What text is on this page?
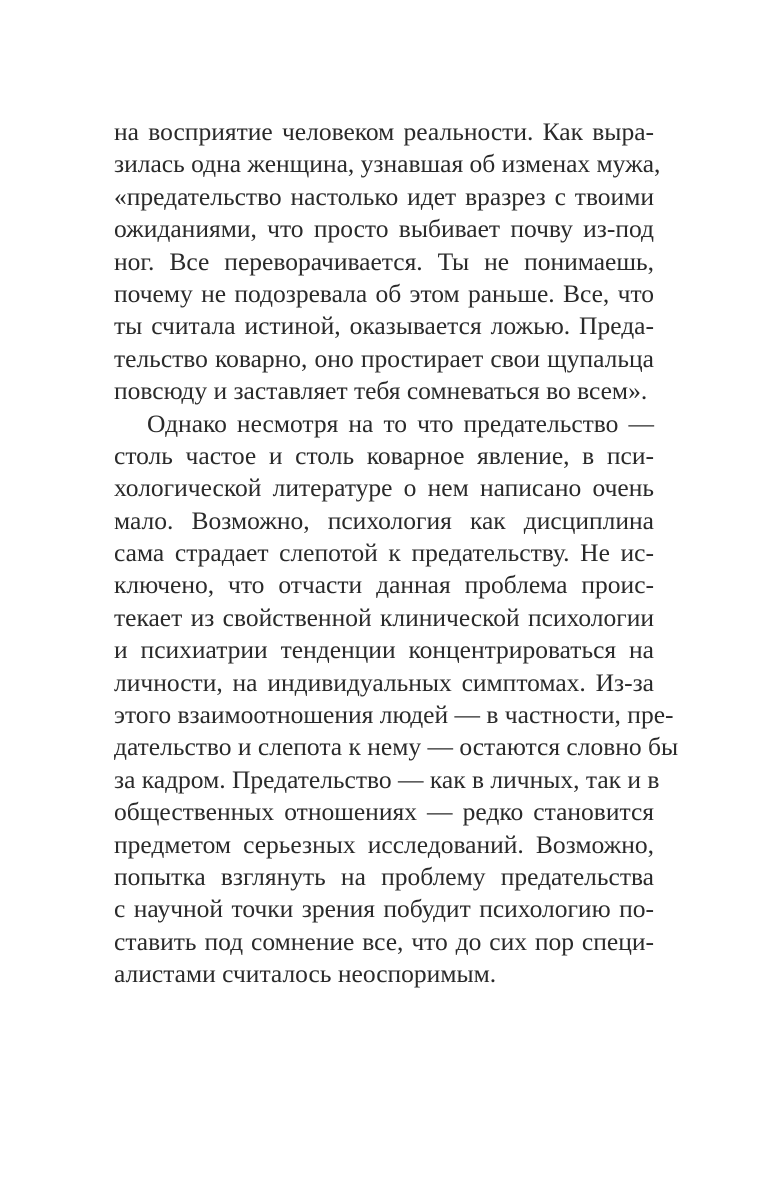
на восприятие человеком реальности. Как выра-
зилась одна женщина, узнавшая об изменах мужа,
«предательство настолько идет вразрез с твоими
ожиданиями, что просто выбивает почву из-под
ног. Все переворачивается. Ты не понимаешь,
почему не подозревала об этом раньше. Все, что
ты считала истиной, оказывается ложью. Преда-
тельство коварно, оно простирает свои щупальца
повсюду и заставляет тебя сомневаться во всем».
Однако несмотря на то что предательство —
столь частое и столь коварное явление, в пси-
хологической литературе о нем написано очень
мало. Возможно, психология как дисциплина
сама страдает слепотой к предательству. Не ис-
ключено, что отчасти данная проблема проис-
текает из свойственной клинической психологии
и психиатрии тенденции концентрироваться на
личности, на индивидуальных симптомах. Из-за
этого взаимоотношения людей — в частности, пре-
дательство и слепота к нему — остаются словно бы
за кадром. Предательство — как в личных, так и в
общественных отношениях — редко становится
предметом серьезных исследований. Возможно,
попытка взглянуть на проблему предательства
с научной точки зрения побудит психологию по-
ставить под сомнение все, что до сих пор специ-
алистами считалось неоспоримым.
